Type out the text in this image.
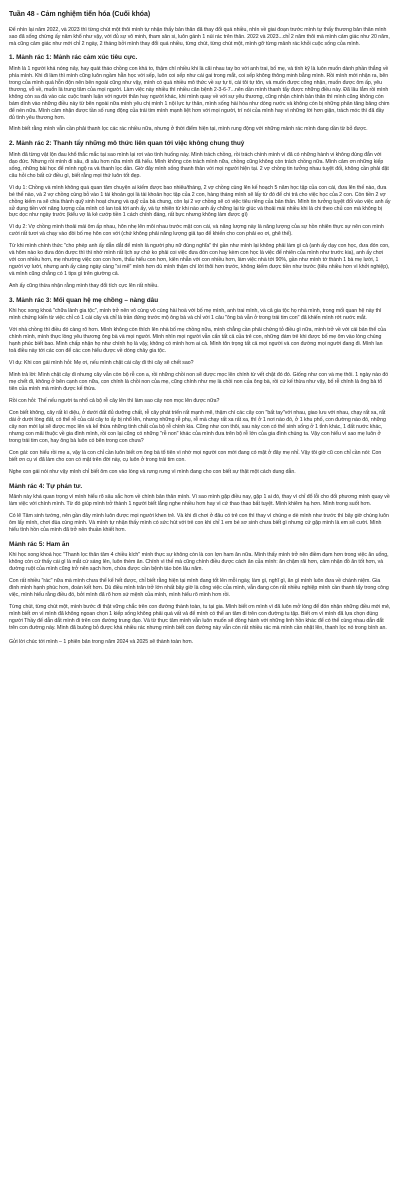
Tuần 48 - Cảm nghiệm tiến hóa (Cuối khóa)

Để nhìn lại năm 2022, và 2023 thì từng chút một thôi mình tự nhận thấy bản thân đã thay đổi quá nhiều, nhìn về giai đoạn trước mình tự thấy thương bản thân mình sao đã sống chừng ấy năm khổ như vậy, với đủ sự vô minh, tham sân si, luôn gánh 1 núi rác trên thân. 2022 và 2023...chỉ 2 năm thôi mà mình cảm giác như 20 năm, mà cũng cảm giác như mới chỉ 2 ngày, 2 tháng bởi mình thay đổi quá nhiều, từng chút, từng chút một, mình gỡ từng mảnh rác khỏi cuộc sống của mình.

1. Mảnh rác 1: Mảnh rác cảm xúc tiêu cực.

Mình là 1 người khá nóng nảy, hay quát tháo chồng con khá to, thậm chí nhiều khi là cãi nhau tay bo với anh trai, bố mẹ, và tính kỹ là luôn muốn dành phần thắng về phía mình. Khi đi làm thì mình cũng luôn ngầm hằn học với sếp, luôn coi sếp như cái gai trong mắt, coi sếp không thông minh bằng mình. Rồi mình mới nhận ra, bên trong của mình quá hỗn độn nên bên ngoài cũng như vậy, mình có quá nhiều mô thức về sự tự ti, cái tôi tự tôn, và muốn được công nhận, muốn được ôm ấp, yêu thương, vỗ về, muốn là trung tâm của mọi người. Làm việc này nhiều thì nhiều căn bệnh 2-3-6-7...nên dần mình thanh tẩy được những điều này. Đã lâu lắm rồi mình không còn sa đà vào các cuộc tranh luận với người thân hay người khác, khi mình quay về với sự yêu thương, cũng nhận chính bản thân thì mình cũng không còn bám dính vào những điều này từ bên ngoài nữa mình yêu chị mình 1 nội lực tự thân, mình sống hài hòa như dòng nước và không còn bị những phân tăng bâng chim để nén nữa. Mình cảm nhận được tần số rung động của trái tim mình mạnh liệt hơn với mọi người, trí nói của mình hay vì những lời hơn giận, trách móc thì đã đầy đủ tình yêu thương hơn.

Mình biết rằng mình vẫn cần phải thanh lọc các rác nhiều nữa, nhưng ở thời điểm hiện tại, mình rung động với những mảnh rác mình đang dần từ bỏ được.

2. Mảnh rác 2: Thanh tẩy những mô thức liên quan tới việc không chung thuỷ

Mình đã từng vật lộn đau khổ thắc mắc tại sao mình lại rơi vào tình huống này. Mình trách chồng, rồi trách chính mình vì đã có những hành vi không đúng đắn với đạo đức. Nhưng rồi mình đi sâu, đi sâu hơn nữa mình đã hiểu. Mình không còn trách mình nữa, chồng cũng không còn trách chồng nữa. Mình cảm ơn những kiếp sống, những bài học để mình ngộ ra và thanh lọc dần. Giờ đây mình sống thanh thản với mọi người hiện tại. 2 vợ chồng tin tưởng nhau tuyệt đối, không cần phải đặt câu hỏi cho bất cứ điều gì, biết rằng mọi thứ luôn tốt đẹp.

Ví dụ 1: Chồng và mình không quá quan tâm chuyện ai kiếm được bao nhiêu/tháng, 2 vợ chồng cùng lên kế hoạch 5 năm học tập của con cái, đưa lên thế nào, đưa bé thế nào, và 2 vợ chồng cùng bỏ vào 1 tài khoản gọi là tài khoản học tập của 2 con, hàng tháng mình sẽ lấy từ đó để chi trả cho việc học của 2 con. Còn tiền 2 vợ chồng kiếm ra sẽ chia thành quỹ sinh hoạt chung và quỹ của bà chung, còn lại 2 vợ chồng sẽ có việc tiêu riêng của bản thân. Mình tin tưởng tuyệt đối vào việc anh ấy sử dụng tiền với năng lượng của mình có lan toả tới anh ấy, và tự nhiên từ khi nào anh ấy chững lại từ giúc và thoải mái nhiều khi là chi theo chủ con mà không bị bực dọc như ngày trước (kiểu vợ là kẻ cướp tiền 1 cách chính đáng, rất bực nhưng không làm được gì)

Ví dụ 2: Vợ chồng mình thoải mái ôm ấp nhau, hôn nhẹ lên môi nhau trước mặt con cái, và năng lượng này là năng lượng của sự hồn nhiên thực sự nên con mình cười rất tươi và chạy vào đòi bố mẹ hôn con với (chứ không phải năng lượng giả tạo để khiến cho con phải eo ơi, ghê thế).

Từ khi mình chính thức "cho phép anh ấy dẫn dắt để mình là người phụ nữ đúng nghĩa" thì gần như mình lại không phải làm gì cả (anh ấy dạy con học, đưa đón con, và hôm nào ko đưa đón được thì thì nhờ mình rất lịch sự chứ ko phải coi việc đưa đón con hay kèm con học là việc để nhiên của mình như trước kia), anh ấy chơi với con nhiều hơn, mẹ nhường việc con con hơn, thấu hiểu con hơn, kiên nhẫn với con nhiều hơn, làm việc nhà tới 90%, gần như mình tớ thành 1 bà mẹ lười, 1 người vợ lười, nhưng anh ấy càng ngày càng "si mê" mình hơn dù mình thậm chí lời thôi hơn trước, không kiếm được tiền như trước (tiêu nhiều hơn vì khởi nghiệp), và mình cũng chẳng có 1 tips gì trên giường cả.

Anh ấy cũng thừa nhận rằng mình thay đổi tích cực lên rất nhiều.

3. Mảnh rác 3: Mối quan hệ mẹ chồng – nàng dâu

Khi học xong khoá "chữa lành gia tộc", mình trở nên vô cùng vô cùng hài hoà với bố mẹ mình, anh trai mình, và cả gia tộc họ nhà mình, trong mối quan hệ này thì mình chứng kiến từ việc chỉ có 1 cái cây và chỉ là trần đứng trước mộ ông bà và chỉ với 1 câu "ông bà vẫn ở trong trái tim con" đã khiến mình rớt nước mắt.

Với nhà chồng thì điều đó càng rõ hơn. Mình không còn thích lên nhà bố mẹ chồng nữa, mình chẳng cần phải chứng tỏ điều gì nữa, mình trở về với cái bản thể của chính mình, mình thực lòng yêu thương ông bà và mọi người. Mình nhìn mọi người vẫn cẩn tất cả của trẻ con, những đám trẻ khi được bố mẹ ôm vào lòng chúng hạnh phúc biết bao. Mình chấp nhận họ như chính họ là vậy, không có mình hơn ai cả. Mình tôn trọng tất cả mọi người và con đường mọi người đang đi. Mình lan toả điều này tới các con để các con hiểu được về dòng chảy gia tộc.

Ví dụ: Khi con gái mình hỏi: Mẹ ơi, nếu mình chặt cái cây đi thì cây sẽ chết sao?

Mình trả lời: Mình chặt cây đi nhưng cây vẫn còn bộ rễ con a, rồi những chồi non sẽ được mọc lên chính từ vết chặt đó đó. Giống như con và mẹ thôi. 1 ngày nào đó mẹ chết đi, không ở bên cạnh con nữa, con chính là chồi non của mẹ, cũng chính như mẹ là chồi non của ông bà, rồi cứ kế thừa như vậy, bố rễ chính là ông bà tổ tiên của mình mà mình được kế thừa.

Rồi con hỏi: Thế nếu người ta nhổ cả bộ rễ cây lên thì làm sao cây non mọc lên được nữa?

Con biết không, cây rất kì diệu, ở dưới đất đủ dưỡng chất, rễ cây phát triển rất mạnh mẽ, thậm chí các cây con "bất tay"với nhau, giao lưu với nhau, chạy rất xa, rất dài ở dưới lòng đất, có thể rễ của cái cây to ấy bị nhổ lên, nhưng những rễ phụ, rễ mà chạy rất xa rất xa, thì ở 1 nơi nào đó, ở 1 khu phố, con đường nào đó, những cây non mới lại sẽ được mọc lên và kế thừa những tinh chất của bộ rễ chính kia. Cũng như con thôi, sau này con có thể sinh sống ở 1 tỉnh khác, 1 đất nước khác, nhưng con mãi thuộc về gia đình mình, rồi con lại cũng có những "rễ non" khác của mình đưa trên bộ rễ lớn của gia đình chúng ta. Vậy con hiểu vì sao mẹ luôn ở trong trái tim con, hay ông bà luôn có bên trong con chưa?

Con gái: con hiểu rồi mẹ a, vậy là con chỉ cần luôn biết ơn ông bà tổ tiên vì nhờ mọi người con mới đang có mặt ở đây mẹ nhỉ. Vậy tôi giờ cũ con chỉ cần nói: Con biết ơn cụ vì đã làm cho con có mặt trên đời này, cụ luôn ở trong trái tim con.

Nghe con gái nói như vậy mình chỉ biết ôm con vào lòng và rưng rưng vì mình đang cho con biết sự thật một cách dung dẫn.

Mảnh rác 4: Tự phán tư.

Mảnh này khá quan trọng vì mình hiểu rõ sâu sắc hơn về chính bản thân mình. Vì sao mình gặp điều nay, gặp 1 ai đó, thay vì chỉ đổ lỗi cho đối phương mình quay về làm việc với chính mình. Từ đó giúp mình trở thành 1 người biết lắng nghe nhiều hơn hay vì cứ thao thao bất tuyệt. Mình khiêm hạ hơn. Mình trong suốt hơn.

Có lẽ Tâm sinh tướng, nên gần đây mình luôn được mọi người khen trẻ. Và khi đi chơi ở đâu có trẻ con thì thay vì chúng e dè mình như trước thì bây giờ chúng luôn ôm lấy mình, chơi đùa cùng mình. Và mình tự nhận thấy mình có sức hút với trẻ con khi chỉ 1 em bé sơ sinh chưa biết gì nhưng cứ gặp mình là em sẽ cười. Mình hiểu tình hồn của mình đã trở nên thuần khiết hơn.

Mảnh rác 5: Ham ăn

Khi học xong khoá học "Thanh lọc thân tâm 4 chiều kích" mình thực sự không còn là con lợn ham ăn nữa. Mình thấy mình trở nên điềm đạm hơn trong việc ăn uống, không còn cứ thấy cái gì là mắt cứ sáng lên, luôn thèm ăn. Chính vì thế mà cũng chính điều được cách ăn của mình: ăn chậm rãi hơn, cảm nhận đồ ăn tốt hơn, và đường ruột của mình cũng trở nên sạch hơn, chứa được cần bệnh táo bón lâu năm.

Con rất nhiều "rác" nữa mà mình chưa thể kể hết được, chỉ biết rằng hiện tại mình đang tốt lên mỗi ngày, làm gì, nghĩ gì, ăn gì mình luôn đưa về chánh niệm. Gia đình mình hạnh phúc hơn, đoàn kết hơn. Dù điều mình trăn trở lớn nhất bây giờ là công việc của mình, vẫn đang còn rất nhiều nghiệp mình cần thanh tẩy trong công việc, mình hiểu rằng điều đó, bởi mình đã rõ hơn sứ mệnh của mình, mình hiểu rõ mình hơn rồi.

Từng chút, từng chút một, mình bước đi thật vững chắc trên con đường thành toàn, tu tại gia. Mình biết ơn mình vì đã luôn mở lòng để đón nhận những điều mới mẻ, mình biết ơn vì mình đã không ngoan chọn 1 kiếp sống không phải quá vất vả để mình có thể an tâm đi trên con đường tu tập. Biết ơn vì mình đã lựa chọn đúng người Thầy để dẫn dắt mình đi trên con đường trung đạo. Và từ thực tâm mình vẫn luôn muốn sẽ đồng hành với những linh hồn khác để có thể cùng nhau dẫn dắt trên con đường này. Mình đã buông bỏ được khá nhiều rác nhưng mình biết con đường này vẫn còn rất nhiều rác mà mình cần nhặt lên, thanh lọc nó trong bình an.

Gửi lời chúc tới mình – 1 phiên bản trong năm 2024 và 2025 sẽ thành toàn hơn.
